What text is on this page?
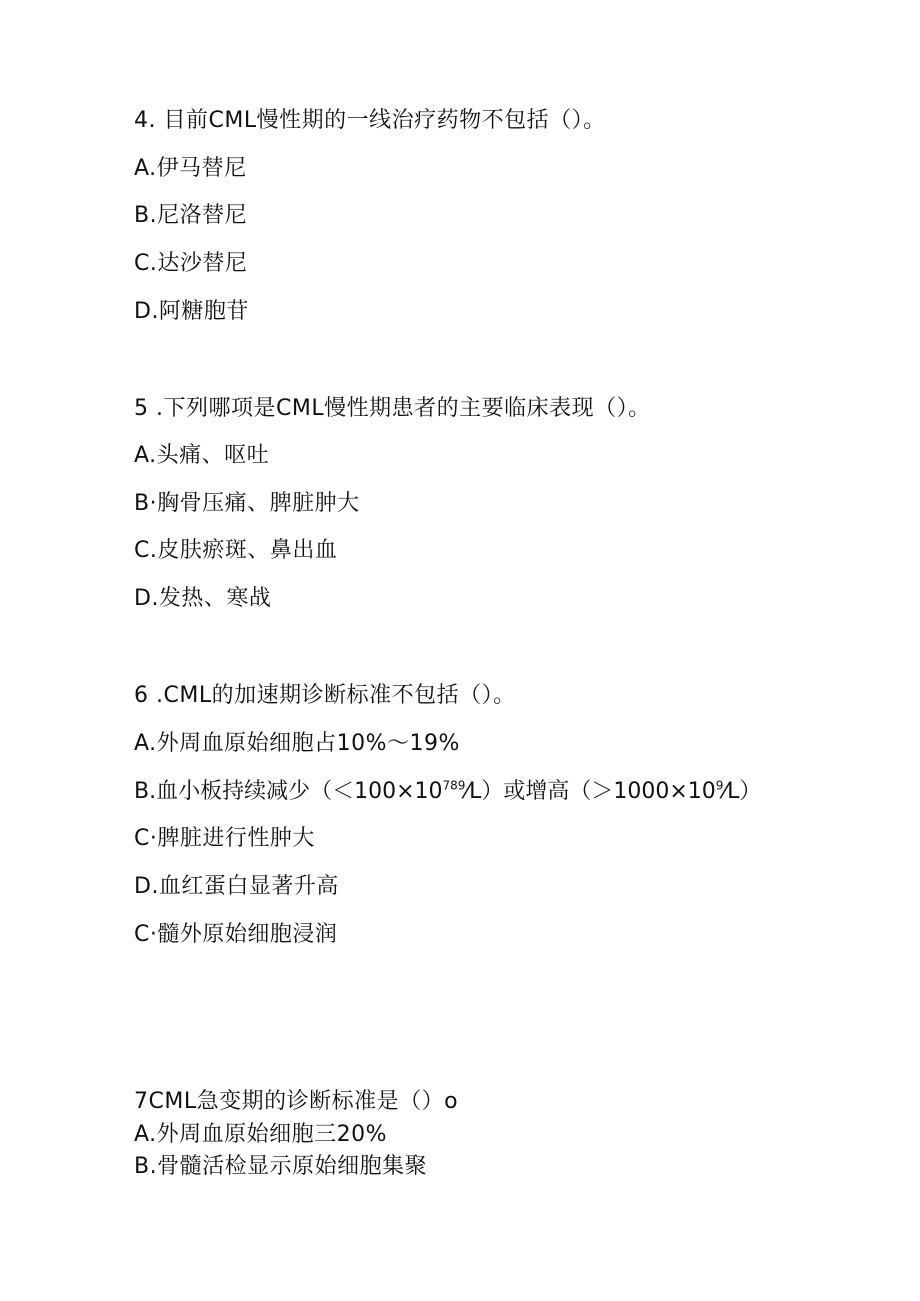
4. 目前CML慢性期的一线治疗药物不包括（）。
A.伊马替尼
B.尼洛替尼
C.达沙替尼
D.阿糖胞苷
5 .下列哪项是CML慢性期患者的主要临床表现（）。
A.头痛、呕吐
B·胸骨压痛、脾脏肿大
C.皮肤瘀斑、鼻出血
D.发热、寒战
6 .CML的加速期诊断标准不包括（）。
A.外周血原始细胞占10%～19%
B.血小板持续减少$(<100\times 10^{789}⁄L)$或增高$(>1000\times 10^9⁄L)$
C·脾脏进行性肿大
D.血红蛋白显著升高
C·髓外原始细胞浸润
7CML急变期的诊断标准是（）o
A.外周血原始细胞三20%
B.骨髓活检显示原始细胞集聚
